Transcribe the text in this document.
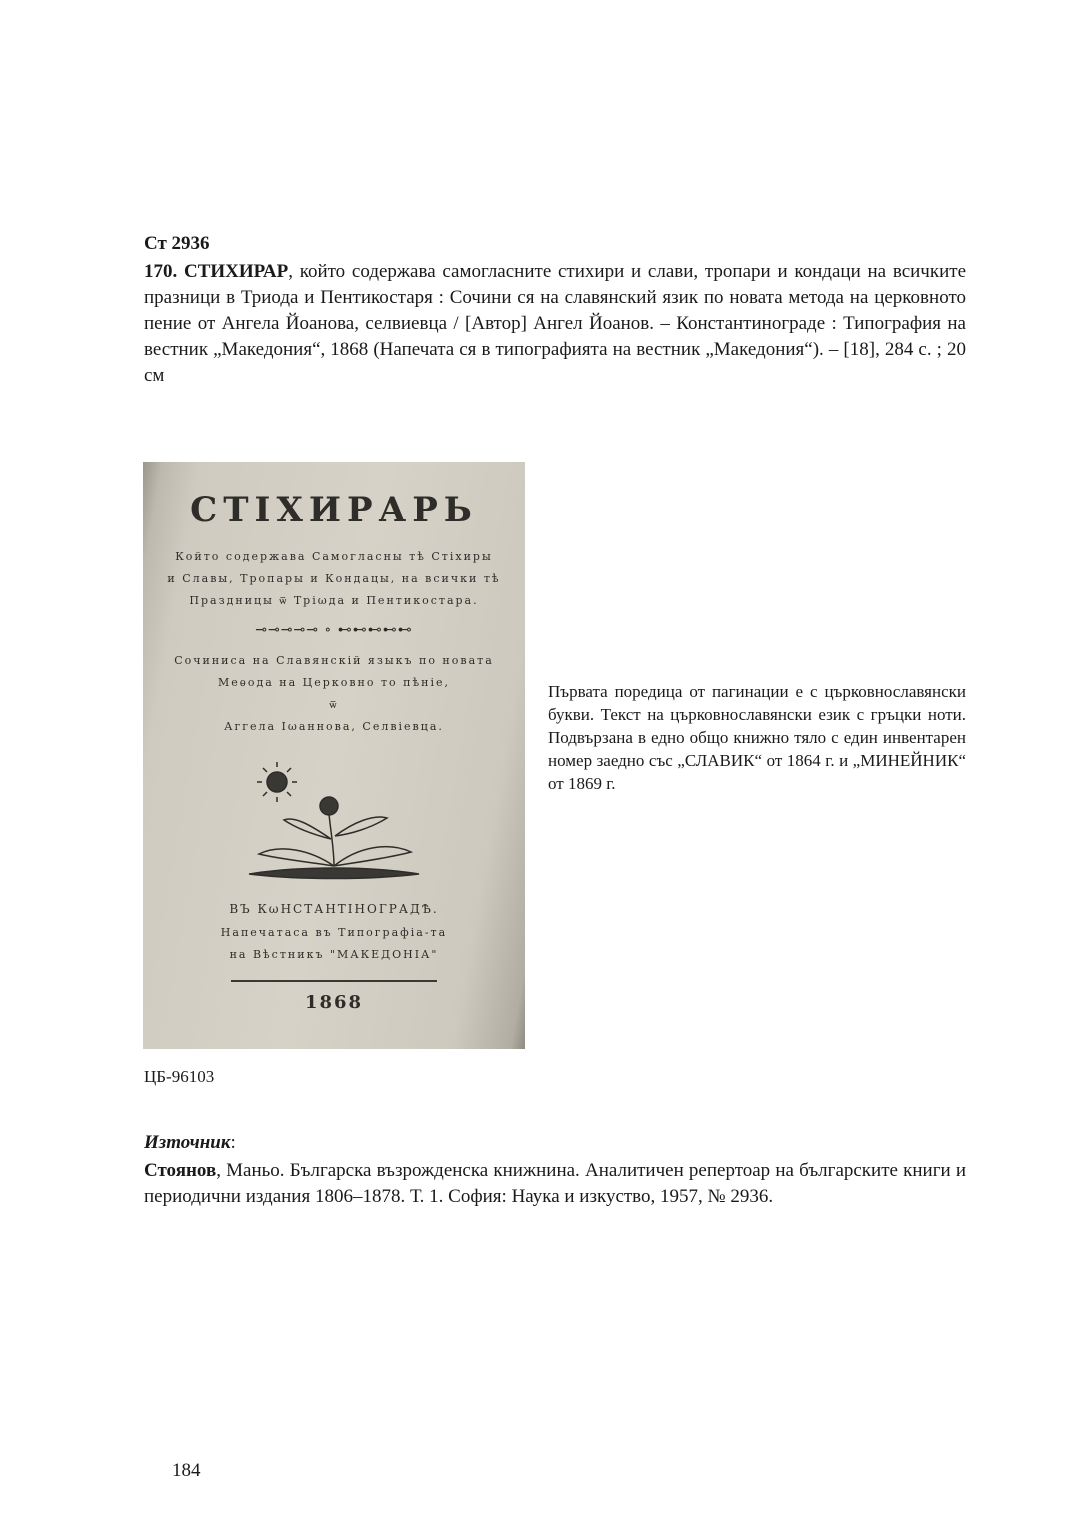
Ст 2936

170. СТИХИРАР, който содержава самогласните стихири и слави, тропари и кондаци на всичките празници в Триода и Пентикостаря : Сочини ся на славянский язик по новата метода на церковното пение от Ангела Йоанова, селвиевца / [Автор] Ангел Йоанов. – Константинограде : Типография на вестник „Македония“, 1868 (Напечата ся в типографията на вестник „Македония“). – [18], 284 с. ; 20 см

СТІХИРАРЬ
Който содержава Самогласны тѣ Стіхиры
и Славы, Тропары и Кондацы, на всички тѣ
Праздницы ѿ Тріωда и Пентикостара.
⊸⊸⊸⊸⊸ ∘ ⊷⊷⊷⊷⊷
Сочиниса на Славянскій языкъ по новата
Меѳода на Церковно то пѣніе,
ѿ
Аггела Іωаннова, Селвіевца.
ВЪ КωНСТАНТІНОГРАДѢ.
Напечатаса въ Типографіа-та
на Вѣстникъ "МАКЕДОНІА"
1868

Първата поредица от пагинации е с църковнославянски букви. Текст на църковнославянски език с гръцки ноти. Подвързана в едно общо книжно тяло с един инвентарен номер заедно със „СЛАВИК“ от 1864 г. и „МИНЕЙНИК“ от 1869 г.

ЦБ-96103
Източник:

Стоянов, Маньо. Българска възрожденска книжнина. Аналитичен репертоар на българските книги и периодични издания 1806–1878. Т. 1. София: Наука и изкуство, 1957, № 2936.

184
